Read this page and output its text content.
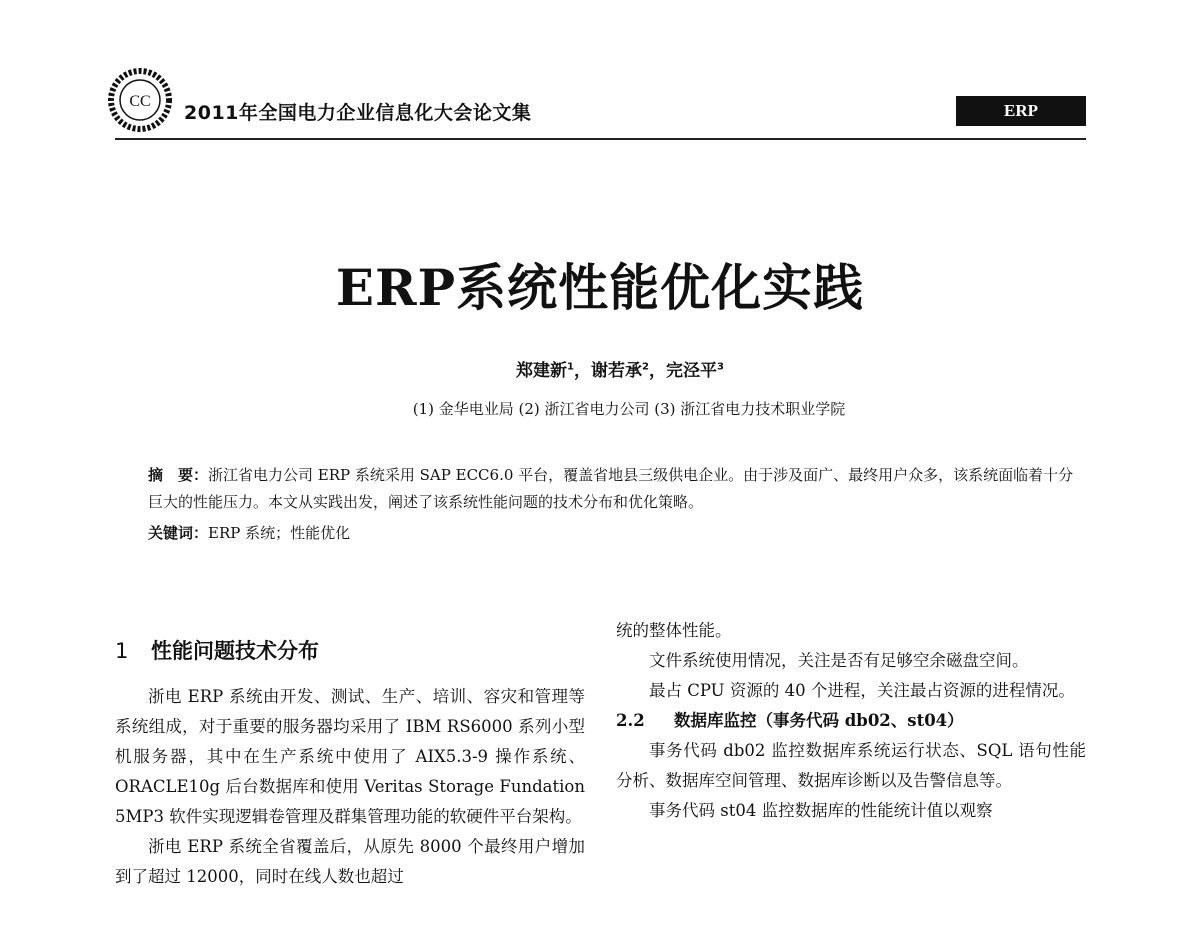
CC
2011年全国电力企业信息化大会论文集	ERP
ERP系统性能优化实践
郑建新$^1$，谢若承$^2$，完泾平$^3$
(1) 金华电业局 (2) 浙江省电力公司 (3) 浙江省电力技术职业学院
摘　要：浙江省电力公司 ERP 系统采用 SAP ECC6.0 平台，覆盖省地县三级供电企业。由于涉及面广、最终用户众多，该系统面临着十分巨大的性能压力。本文从实践出发，阐述了该系统性能问题的技术分布和优化策略。
关键词：ERP 系统；性能优化
1 性能问题技术分布

浙电 ERP 系统由开发、测试、生产、培训、容灾和管理等系统组成，对于重要的服务器均采用了 IBM RS6000 系列小型机服务器，其中在生产系统中使用了 AIX5.3-9 操作系统、ORACLE10g 后台数据库和使用 Veritas Storage Fundation 5MP3 软件实现逻辑卷管理及群集管理功能的软硬件平台架构。

浙电 ERP 系统全省覆盖后，从原先 8000 个最终用户增加到了超过 12000，同时在线人数也超过

统的整体性能。

文件系统使用情况，关注是否有足够空余磁盘空间。

最占 CPU 资源的 40 个进程，关注最占资源的进程情况。

2.2 数据库监控（事务代码 db02、st04）

事务代码 db02 监控数据库系统运行状态、SQL 语句性能分析、数据库空间管理、数据库诊断以及告警信息等。

事务代码 st04 监控数据库的性能统计值以观察
